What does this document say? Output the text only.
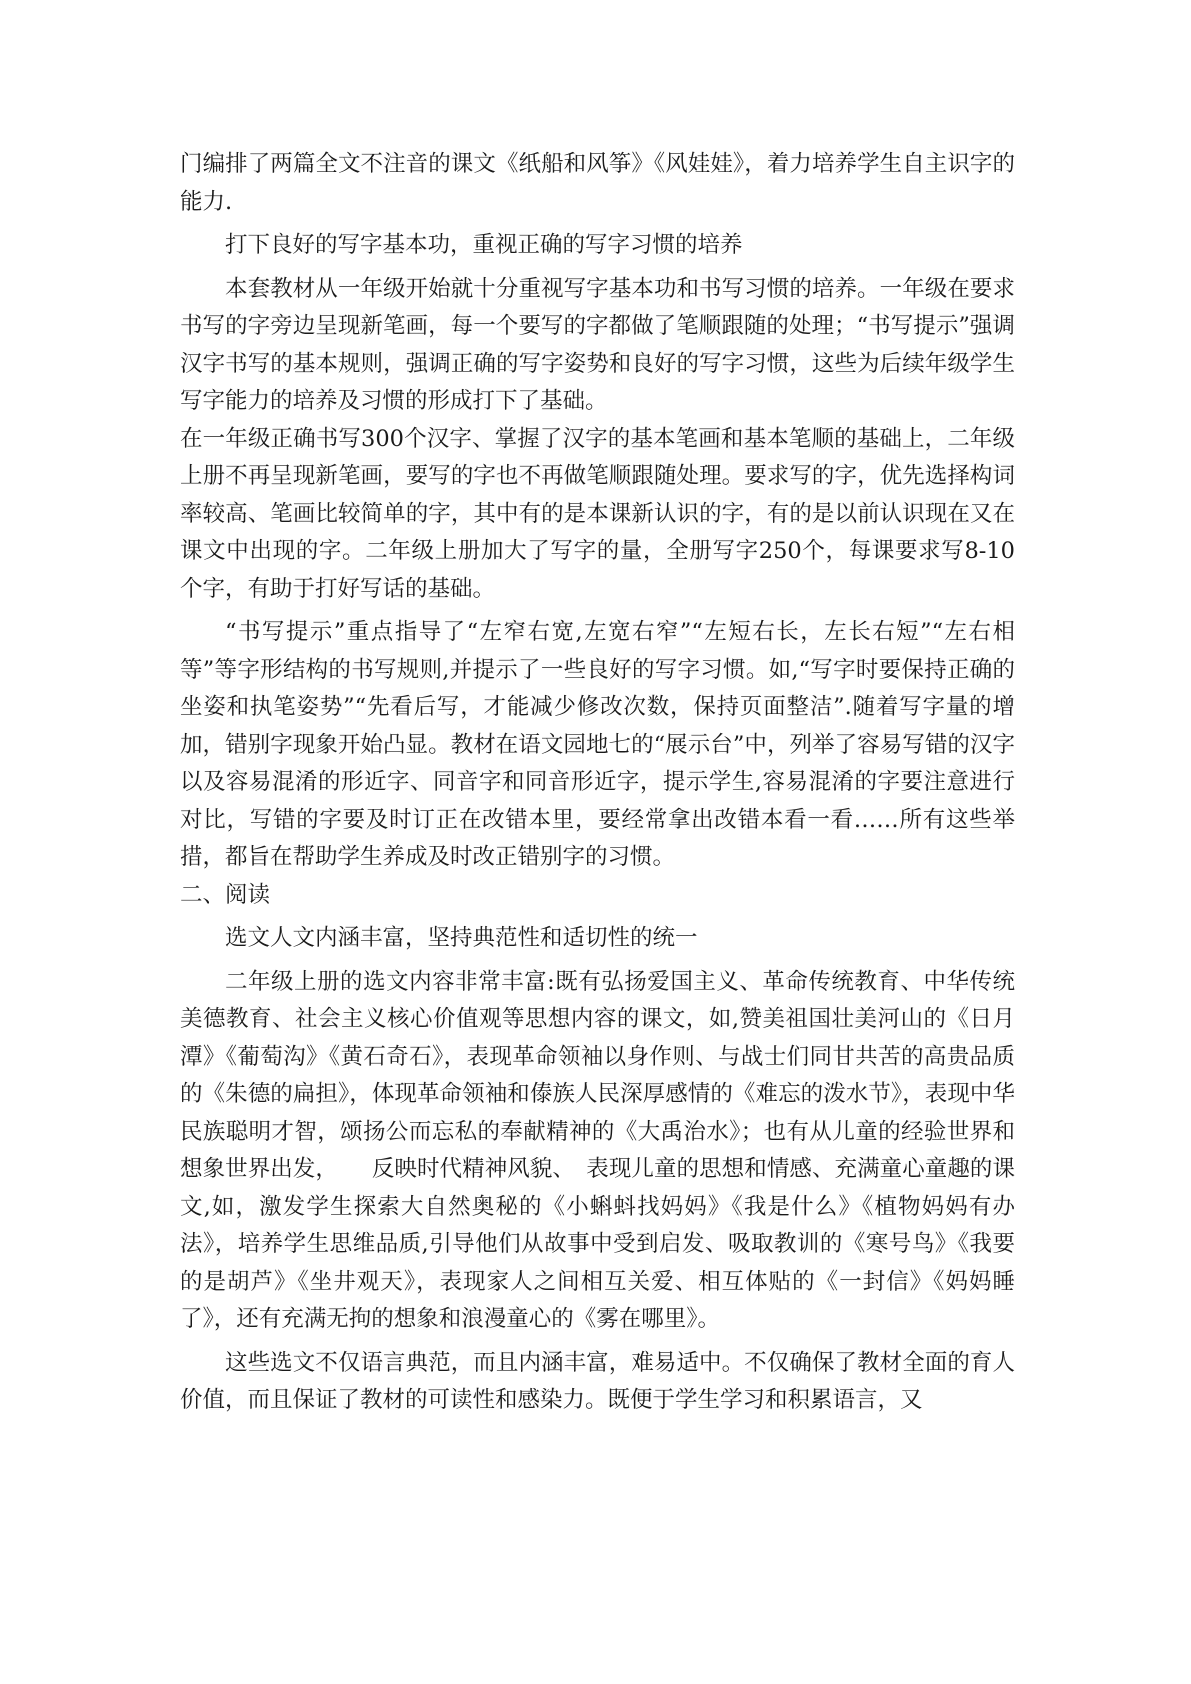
门编排了两篇全文不注音的课文《纸船和风筝》《风娃娃》，着力培养学生自主识字的能力.

打下良好的写字基本功，重视正确的写字习惯的培养

本套教材从一年级开始就十分重视写字基本功和书写习惯的培养。一年级在要求书写的字旁边呈现新笔画，每一个要写的字都做了笔顺跟随的处理；“书写提示”强调汉字书写的基本规则，强调正确的写字姿势和良好的写字习惯，这些为后续年级学生写字能力的培养及习惯的形成打下了基础。

在一年级正确书写300个汉字、掌握了汉字的基本笔画和基本笔顺的基础上，二年级上册不再呈现新笔画，要写的字也不再做笔顺跟随处理。要求写的字，优先选择构词率较高、笔画比较简单的字，其中有的是本课新认识的字，有的是以前认识现在又在课文中出现的字。二年级上册加大了写字的量，全册写字250个，每课要求写8-10个字，有助于打好写话的基础。

“书写提示”重点指导了“左窄右宽,左宽右窄”“左短右长，左长右短”“左右相等”等字形结构的书写规则,并提示了一些良好的写字习惯。如,“写字时要保持正确的坐姿和执笔姿势”“先看后写，才能减少修改次数，保持页面整洁”.随着写字量的增加，错别字现象开始凸显。教材在语文园地七的“展示台”中，列举了容易写错的汉字以及容易混淆的形近字、同音字和同音形近字，提示学生,容易混淆的字要注意进行对比，写错的字要及时订正在改错本里，要经常拿出改错本看一看……所有这些举措，都旨在帮助学生养成及时改正错别字的习惯。

二、阅读

选文人文内涵丰富，坚持典范性和适切性的统一

二年级上册的选文内容非常丰富:既有弘扬爱国主义、革命传统教育、中华传统美德教育、社会主义核心价值观等思想内容的课文，如,赞美祖国壮美河山的《日月潭》《葡萄沟》《黄石奇石》，表现革命领袖以身作则、与战士们同甘共苦的高贵品质的《朱德的扁担》，体现革命领袖和傣族人民深厚感情的《难忘的泼水节》，表现中华民族聪明才智，颂扬公而忘私的奉献精神的《大禹治水》；也有从儿童的经验世界和想象世界出发，　　反映时代精神风貌、　表现儿童的思想和情感、充满童心童趣的课文,如，激发学生探索大自然奥秘的《小蝌蚪找妈妈》《我是什么》《植物妈妈有办法》，培养学生思维品质,引导他们从故事中受到启发、吸取教训的《寒号鸟》《我要的是胡芦》《坐井观天》，表现家人之间相互关爱、相互体贴的《一封信》《妈妈睡了》，还有充满无拘的想象和浪漫童心的《雾在哪里》。

这些选文不仅语言典范，而且内涵丰富，难易适中。不仅确保了教材全面的育人价值，而且保证了教材的可读性和感染力。既便于学生学习和积累语言，又
